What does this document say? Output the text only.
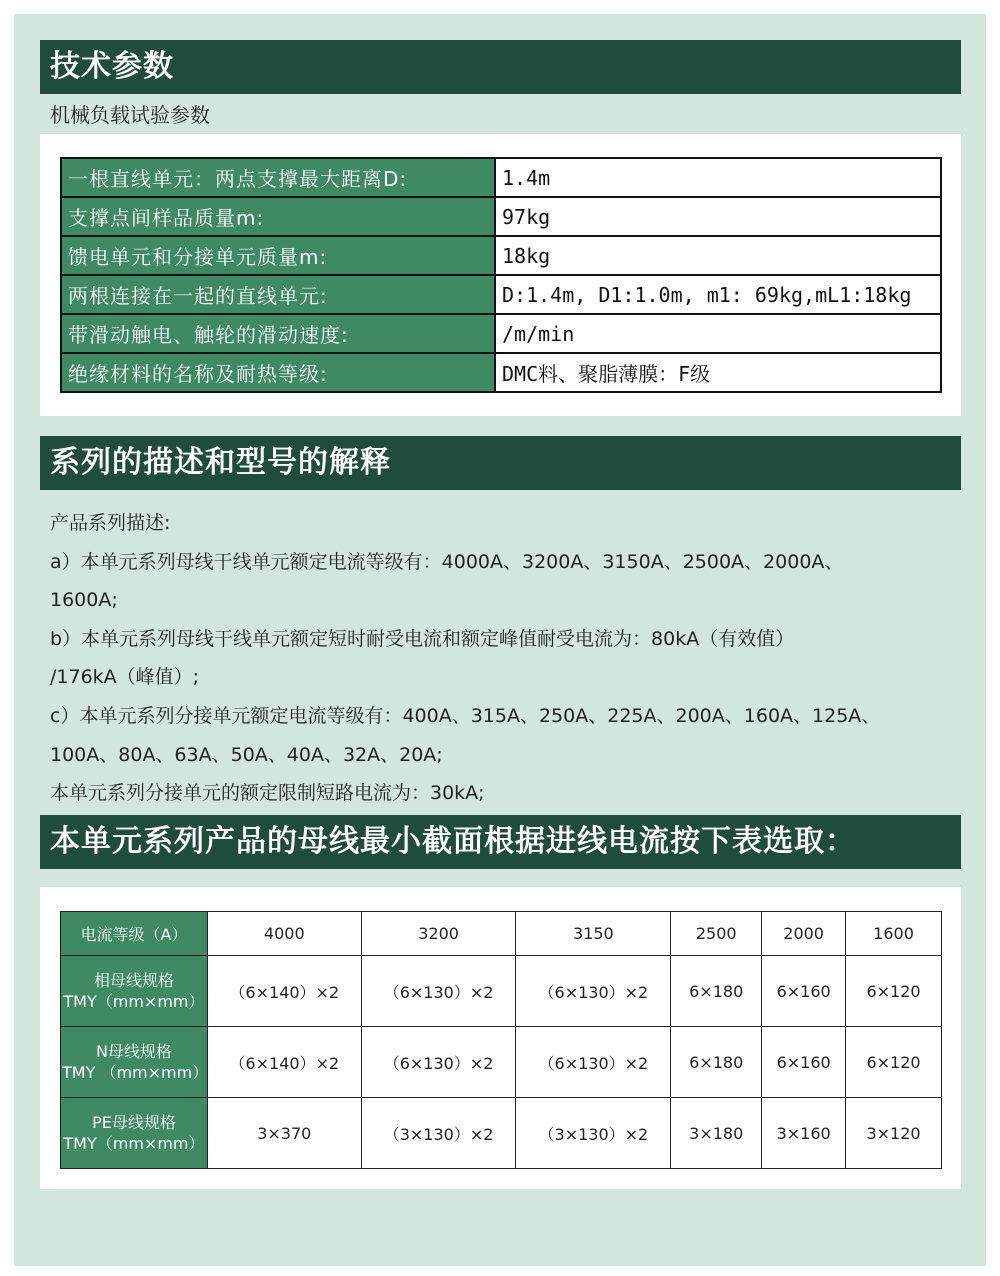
技术参数
机械负载试验参数
一根直线单元：两点支撑最大距离D:	1.4m
支撑点间样品质量m:	97kg
馈电单元和分接单元质量m:	18kg
两根连接在一起的直线单元:	D:1.4m, D1:1.0m, m1: 69kg,mL1:18kg
带滑动触电、触轮的滑动速度:	/m/min
绝缘材料的名称及耐热等级:	DMC料、聚脂薄膜：F级
系列的描述和型号的解释
产品系列描述:
a）本单元系列母线干线单元额定电流等级有：4000A、3200A、3150A、2500A、2000A、
1600A;
b）本单元系列母线干线单元额定短时耐受电流和额定峰值耐受电流为：80kA（有效值）
/176kA（峰值）;
c）本单元系列分接单元额定电流等级有：400A、315A、250A、225A、200A、160A、125A、
100A、80A、63A、50A、40A、32A、20A;
本单元系列分接单元的额定限制短路电流为：30kA;
本单元系列产品的母线最小截面根据进线电流按下表选取：
电流等级（A）	4000	3200	3150	2500	2000	1600

相母线规格
TMY（mm×mm）	（6×140）×2	（6×130）×2	（6×130）×2	6×180	6×160	6×120

N母线规格
TMY （mm×mm）	（6×140）×2	（6×130）×2	（6×130）×2	6×180	6×160	6×120

PE母线规格
TMY（mm×mm）	3×370	（3×130）×2	（3×130）×2	3×180	3×160	3×120
